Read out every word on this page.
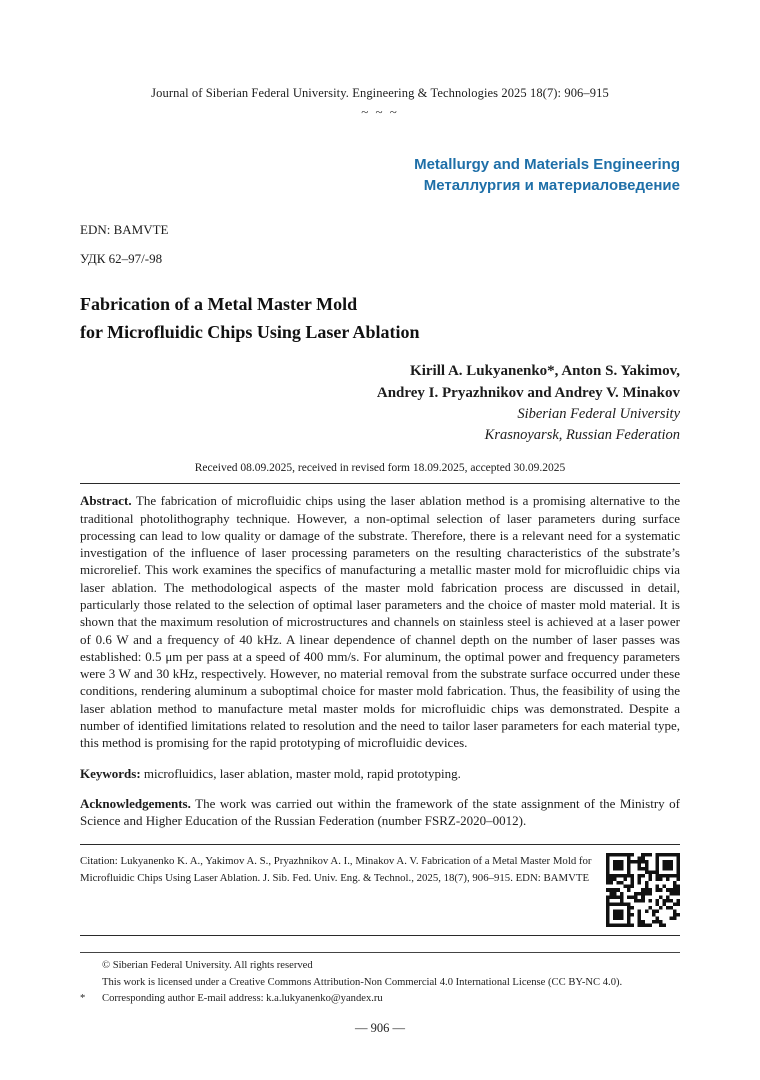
Journal of Siberian Federal University. Engineering & Technologies 2025 18(7): 906–915
~ ~ ~
Metallurgy and Materials Engineering
Металлургия и материаловедение
EDN: BAMVTE
УДК 62–97/-98
Fabrication of a Metal Master Mold
for Microfluidic Chips Using Laser Ablation
Kirill A. Lukyanenko*, Anton S. Yakimov,
Andrey I. Pryazhnikov and Andrey V. Minakov
Siberian Federal University
Krasnoyarsk, Russian Federation
Received 08.09.2025, received in revised form 18.09.2025, accepted 30.09.2025

Abstract. The fabrication of microfluidic chips using the laser ablation method is a promising alternative to the traditional photolithography technique. However, a non-optimal selection of laser parameters during surface processing can lead to low quality or damage of the substrate. Therefore, there is a relevant need for a systematic investigation of the influence of laser processing parameters on the resulting characteristics of the substrate’s microrelief. This work examines the specifics of manufacturing a metallic master mold for microfluidic chips via laser ablation. The methodological aspects of the master mold fabrication process are discussed in detail, particularly those related to the selection of optimal laser parameters and the choice of master mold material. It is shown that the maximum resolution of microstructures and channels on stainless steel is achieved at a laser power of 0.6 W and a frequency of 40 kHz. A linear dependence of channel depth on the number of laser passes was established: 0.5 μm per pass at a speed of 400 mm/s. For aluminum, the optimal power and frequency parameters were 3 W and 30 kHz, respectively. However, no material removal from the substrate surface occurred under these conditions, rendering aluminum a suboptimal choice for master mold fabrication. Thus, the feasibility of using the laser ablation method to manufacture metal master molds for microfluidic chips was demonstrated. Despite a number of identified limitations related to resolution and the need to tailor laser parameters for each material type, this method is promising for the rapid prototyping of microfluidic devices.

Keywords: microfluidics, laser ablation, master mold, rapid prototyping.

Acknowledgements. The work was carried out within the framework of the state assignment of the Ministry of Science and Higher Education of the Russian Federation (number FSRZ-2020–0012).

Citation: Lukyanenko K. A., Yakimov A. S., Pryazhnikov A. I., Minakov A. V. Fabrication of a Metal Master Mold for Microfluidic Chips Using Laser Ablation. J. Sib. Fed. Univ. Eng. & Technol., 2025, 18(7), 906–915. EDN: BAMVTE
© Siberian Federal University. All rights reserved
This work is licensed under a Creative Commons Attribution-Non Commercial 4.0 International License (CC BY-NC 4.0).
*	Corresponding author E-mail address: k.a.lukyanenko@yandex.ru
— 906 —
